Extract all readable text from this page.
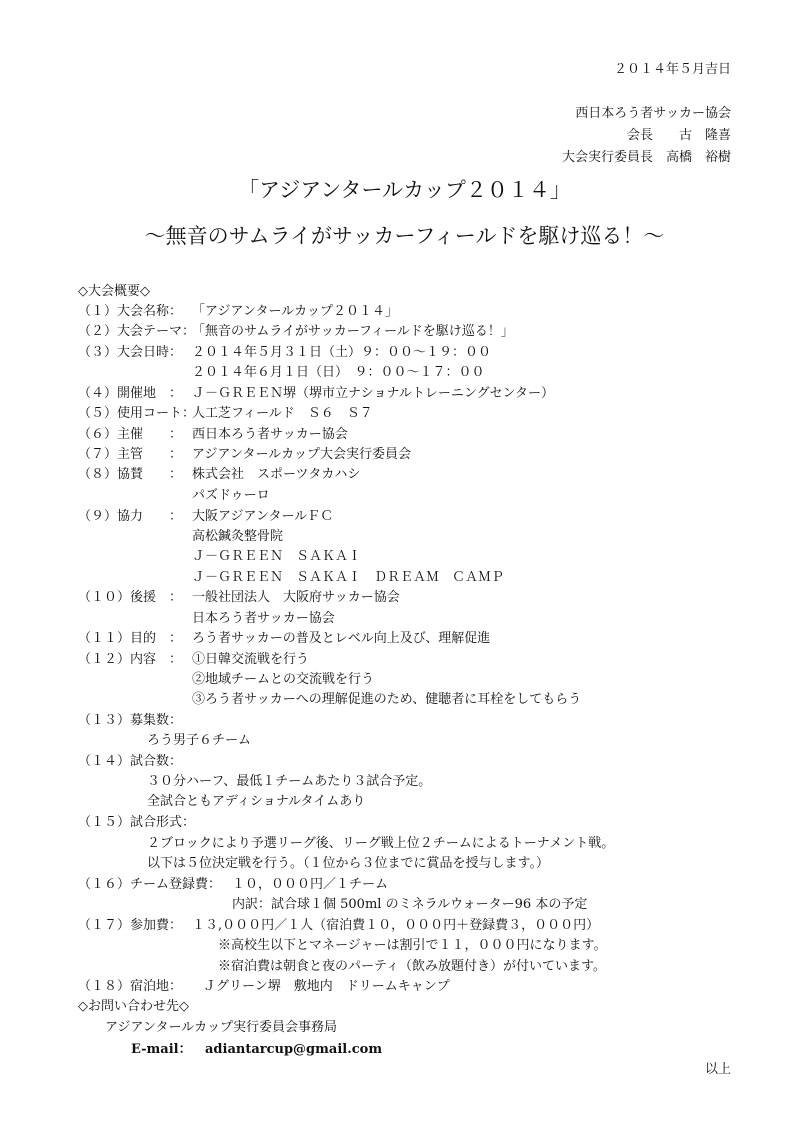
２０１４年５月吉日
西日本ろう者サッカー協会
会長　　古　隆喜
大会実行委員長　高橋　裕樹
「アジアンタールカップ２０１４」
〜無音のサムライがサッカーフィールドを駆け巡る！〜
◇大会概要◇
（１）大会名称： 「アジアンタールカップ２０１４」
（２）大会テーマ：
「無音のサムライがサッカーフィールドを駆け巡る！」
（３）大会日時： ２０１４年５月３１日（土）９：００〜１９：００
２０１４年６月１日（日）　９：００〜１７：００
（４）開催地　： Ｊ－ＧＲＥＥＮ堺（堺市立ナショナルトレーニングセンター）
（５）使用コート：
人工芝フィールド　Ｓ６　Ｓ７
（６）主催　　： 西日本ろう者サッカー協会
（７）主管　　： アジアンタールカップ大会実行委員会
（８）協賛　　： 株式会社　スポーツタカハシ
パズドゥーロ
（９）協力　　： 大阪アジアンタールＦＣ
高松鍼灸整骨院
Ｊ－ＧＲＥＥＮ　ＳＡＫＡＩ
Ｊ－ＧＲＥＥＮ　ＳＡＫＡＩ　ＤＲＥＡＭ　ＣＡＭＰ
（１０）後援　： 一般社団法人　大阪府サッカー協会
日本ろう者サッカー協会
（１１）目的　： ろう者サッカーの普及とレベル向上及び、理解促進
（１２）内容　： ①日韓交流戦を行う
②地域チームとの交流戦を行う
③ろう者サッカーへの理解促進のため、健聴者に耳栓をしてもらう
（１３）募集数：
ろう男子６チーム
（１４）試合数：
３０分ハーフ、最低１チームあたり３試合予定。
全試合ともアディショナルタイムあり
（１５）試合形式：
２ブロックにより予選リーグ後、リーグ戦上位２チームによるトーナメント戦。
以下は５位決定戦を行う。（１位から３位までに賞品を授与します。）
（１６）チーム登録費： １０，０００円／１チーム
内訳：試合球１個 500ml のミネラルウォーター96 本の予定
（１７）参加費： １３,０００円／１人（宿泊費１０，０００円＋登録費３，０００円）
※高校生以下とマネージャーは割引で１１，０００円になります。
※宿泊費は朝食と夜のパーティ（飲み放題付き）が付いています。
（１８）宿泊地： Ｊグリーン堺　敷地内　ドリームキャンプ
◇お問い合わせ先◇
アジアンタールカップ実行委員会事務局
E-mail： adiantarcup@gmail.com
以上
